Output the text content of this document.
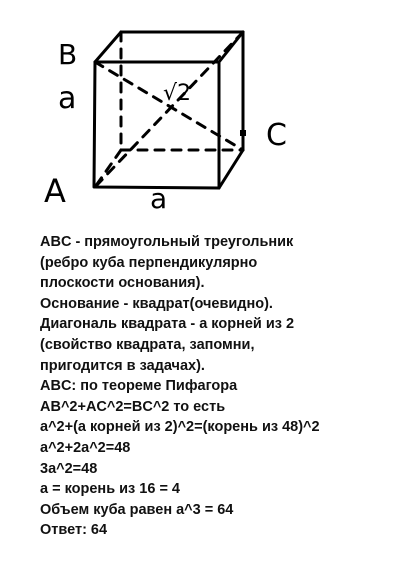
B
a	√2
C
A	a
ABC - прямоугольный треугольник
(ребро куба перпендикулярно
плоскости основания).
Основание - квадрат(очевидно).
Диагональ квадрата - а корней из 2
(свойство квадрата, запомни,
пригодится в задачах).
ABC: по теореме Пифагора
AB^2+AC^2=BC^2 то есть
a^2+(а корней из 2)^2=(корень из 48)^2
a^2+2a^2=48
3a^2=48
a = корень из 16 = 4
Объем куба равен a^3 = 64
Ответ: 64
